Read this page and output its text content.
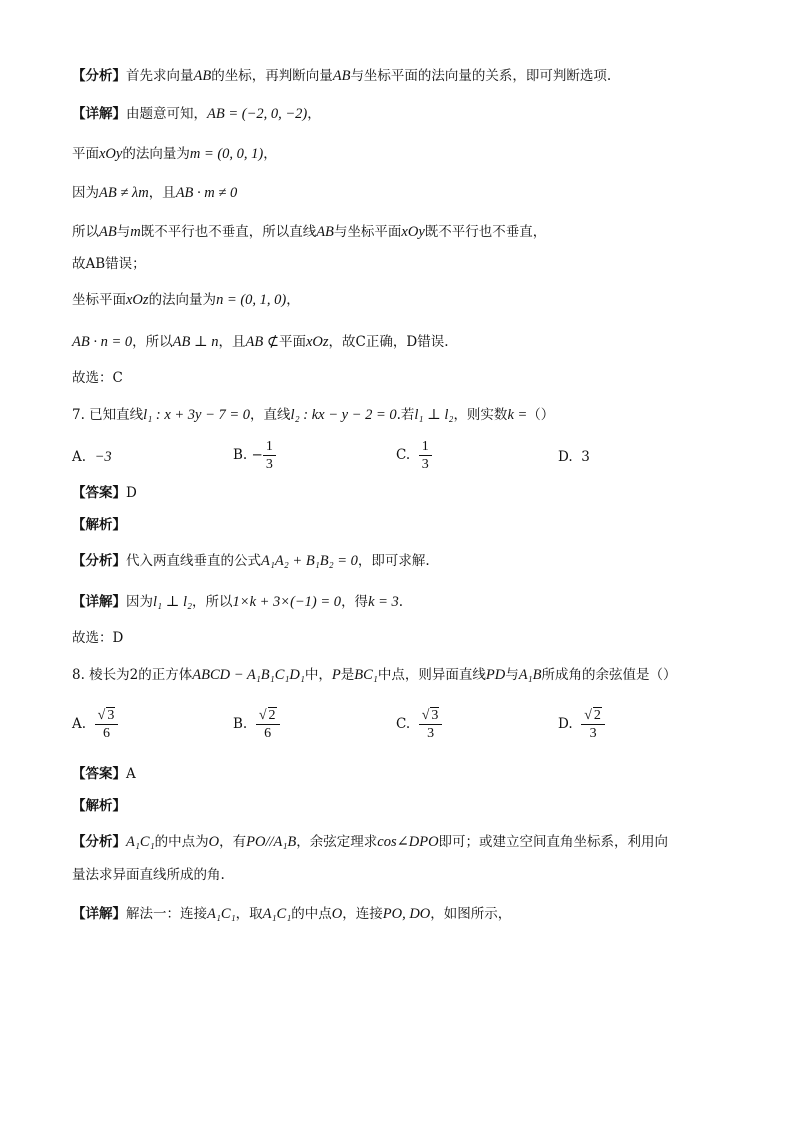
【分析】首先求向量AB的坐标，再判断向量AB与坐标平面的法向量的关系，即可判断选项.
【详解】由题意可知，AB = (−2, 0, −2)，
平面xOy的法向量为m = (0, 0, 1)，
因为AB ≠ λm，且AB · m ≠ 0
所以AB与m既不平行也不垂直，所以直线AB与坐标平面xOy既不平行也不垂直，
故AB错误；
坐标平面xOz的法向量为n = (0, 1, 0)，
AB · n = 0，所以AB ⊥ n，且AB ⊄平面xOz，故C正确，D错误.
故选：C
7. 已知直线l₁ : x + 3y − 7 = 0，直线l₂ : kx − y − 2 = 0.若l₁ ⊥ l₂，则实数k =（）
A. −3	B. − $\frac{1}{3}$	C. $\frac{1}{3}$	D. 3
【答案】D
【解析】
【分析】代入两直线垂直的公式A₁A₂ + B₁B₂ = 0，即可求解.
【详解】因为l₁ ⊥ l₂，所以1×k + 3×(−1) = 0，得k = 3.
故选：D
8. 棱长为2的正方体ABCD − A₁B₁C₁D₁中，P是BC₁中点，则异面直线PD与A₁B所成角的余弦值是（）
A. $\frac{√ 3}{6}$	B. $\frac{√ 2}{6}$	C. $\frac{√ 3}{3}$	D. $\frac{√ 2}{3}$
【答案】A
【解析】
【分析】A₁C₁的中点为O，有PO//A₁B，余弦定理求cos∠DPO即可；或建立空间直角坐标系，利用向
量法求异面直线所成的角.
【详解】解法一：连接A₁C₁，取A₁C₁的中点O，连接PO, DO，如图所示，
